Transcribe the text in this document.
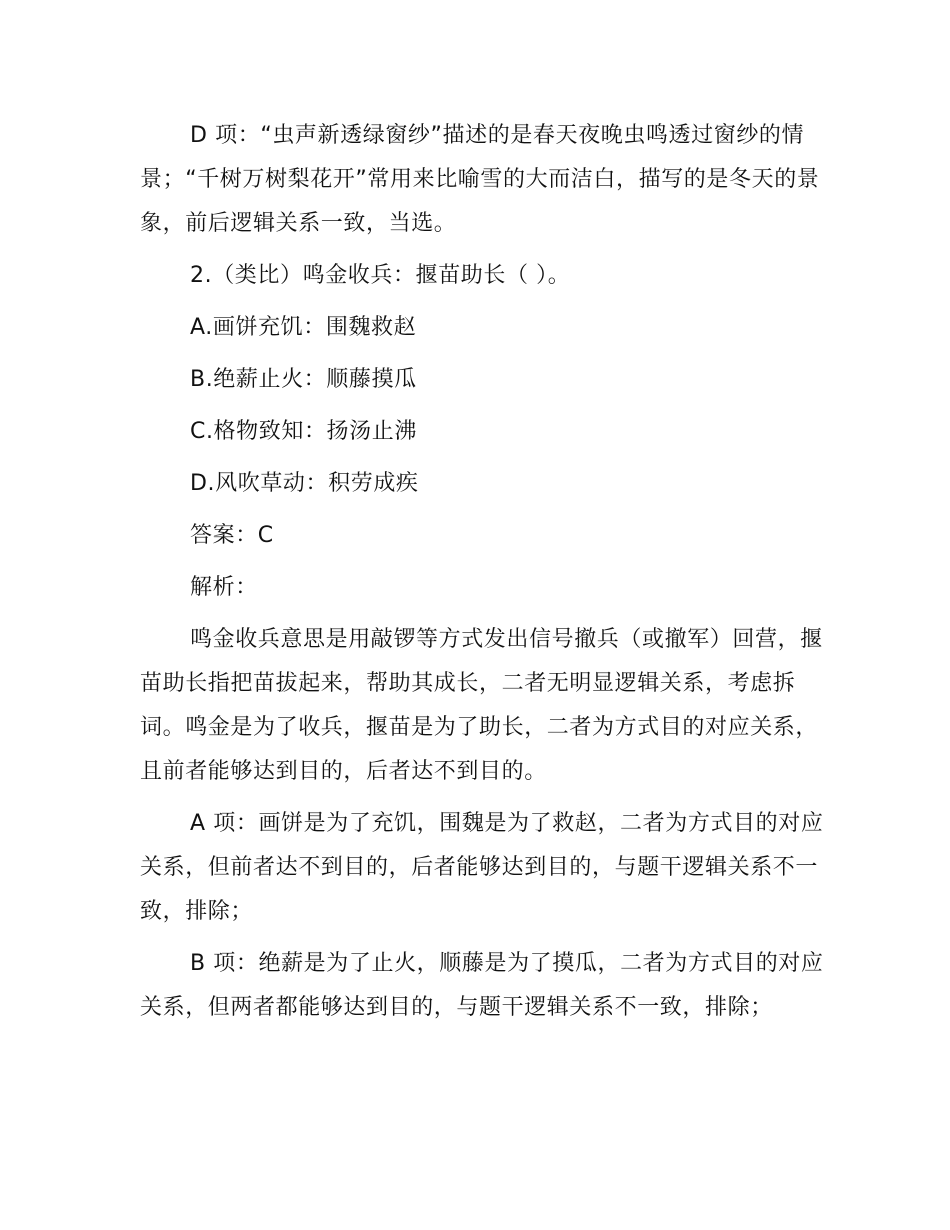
D 项：“虫声新透绿窗纱”描述的是春天夜晚虫鸣透过窗纱的情景；“千树万树梨花开”常用来比喻雪的大而洁白，描写的是冬天的景象，前后逻辑关系一致，当选。

2.（类比）鸣金收兵：揠苗助长（ ）。

A.画饼充饥：围魏救赵

B.绝薪止火：顺藤摸瓜

C.格物致知：扬汤止沸

D.风吹草动：积劳成疾

答案：C

解析：

鸣金收兵意思是用敲锣等方式发出信号撤兵（或撤军）回营，揠苗助长指把苗拔起来，帮助其成长，二者无明显逻辑关系，考虑拆词。鸣金是为了收兵，揠苗是为了助长，二者为方式目的对应关系，且前者能够达到目的，后者达不到目的。

A 项：画饼是为了充饥，围魏是为了救赵，二者为方式目的对应关系，但前者达不到目的，后者能够达到目的，与题干逻辑关系不一致，排除；

B 项：绝薪是为了止火，顺藤是为了摸瓜，二者为方式目的对应关系，但两者都能够达到目的，与题干逻辑关系不一致，排除；
